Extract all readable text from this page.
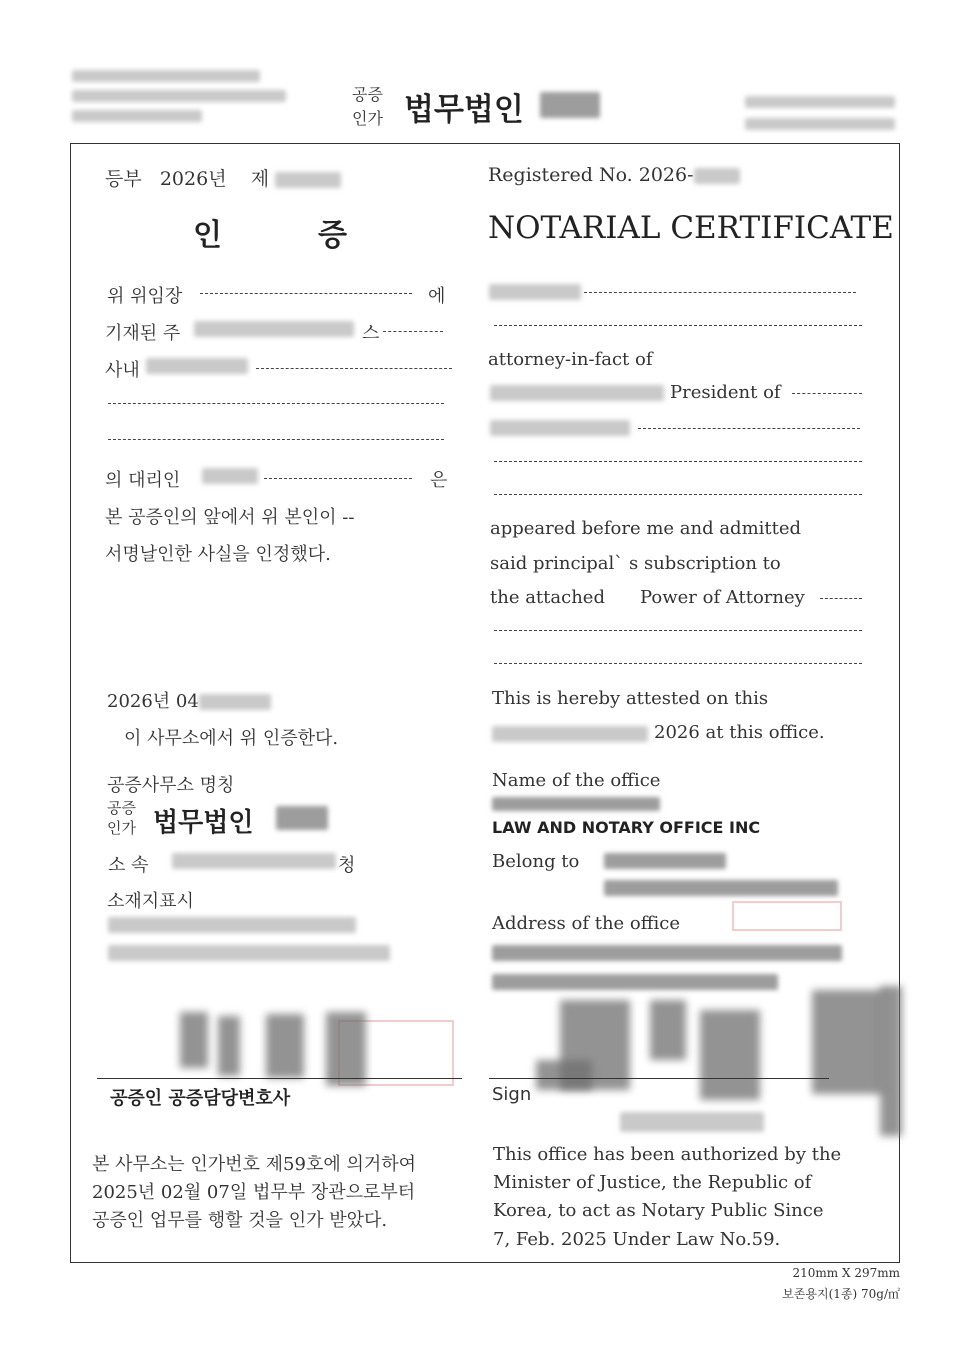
공증
인가 법무법인
등부 2026년 제
인	증
위 위임장	에
기재된 주	스
사내
의 대리인	은
본 공증인의 앞에서 위 본인이 --
서명날인한 사실을 인정했다.
2026년 04
이 사무소에서 위 인증한다.
공증사무소 명칭
공증
인가 법무법인
소 속	청
소재지표시
공증인 공증담당변호사
본 사무소는 인가번호 제59호에 의거하여
2025년 02월 07일 법무부 장관으로부터
공증인 업무를 행할 것을 인가 받았다.
Registered No. 2026-
NOTARIAL CERTIFICATE
attorney-in-fact of
President of
appeared before me and admitted
said principal` s subscription to
the attached Power of Attorney
This is hereby attested on this
2026 at this office.
Name of the office
LAW AND NOTARY OFFICE INC
Belong to
Address of the office
Sign
This office has been authorized by the
Minister of Justice, the Republic of
Korea, to act as Notary Public Since
7, Feb. 2025 Under Law No.59.
210mm X 297mm
보존용지(1종) 70g/㎡
